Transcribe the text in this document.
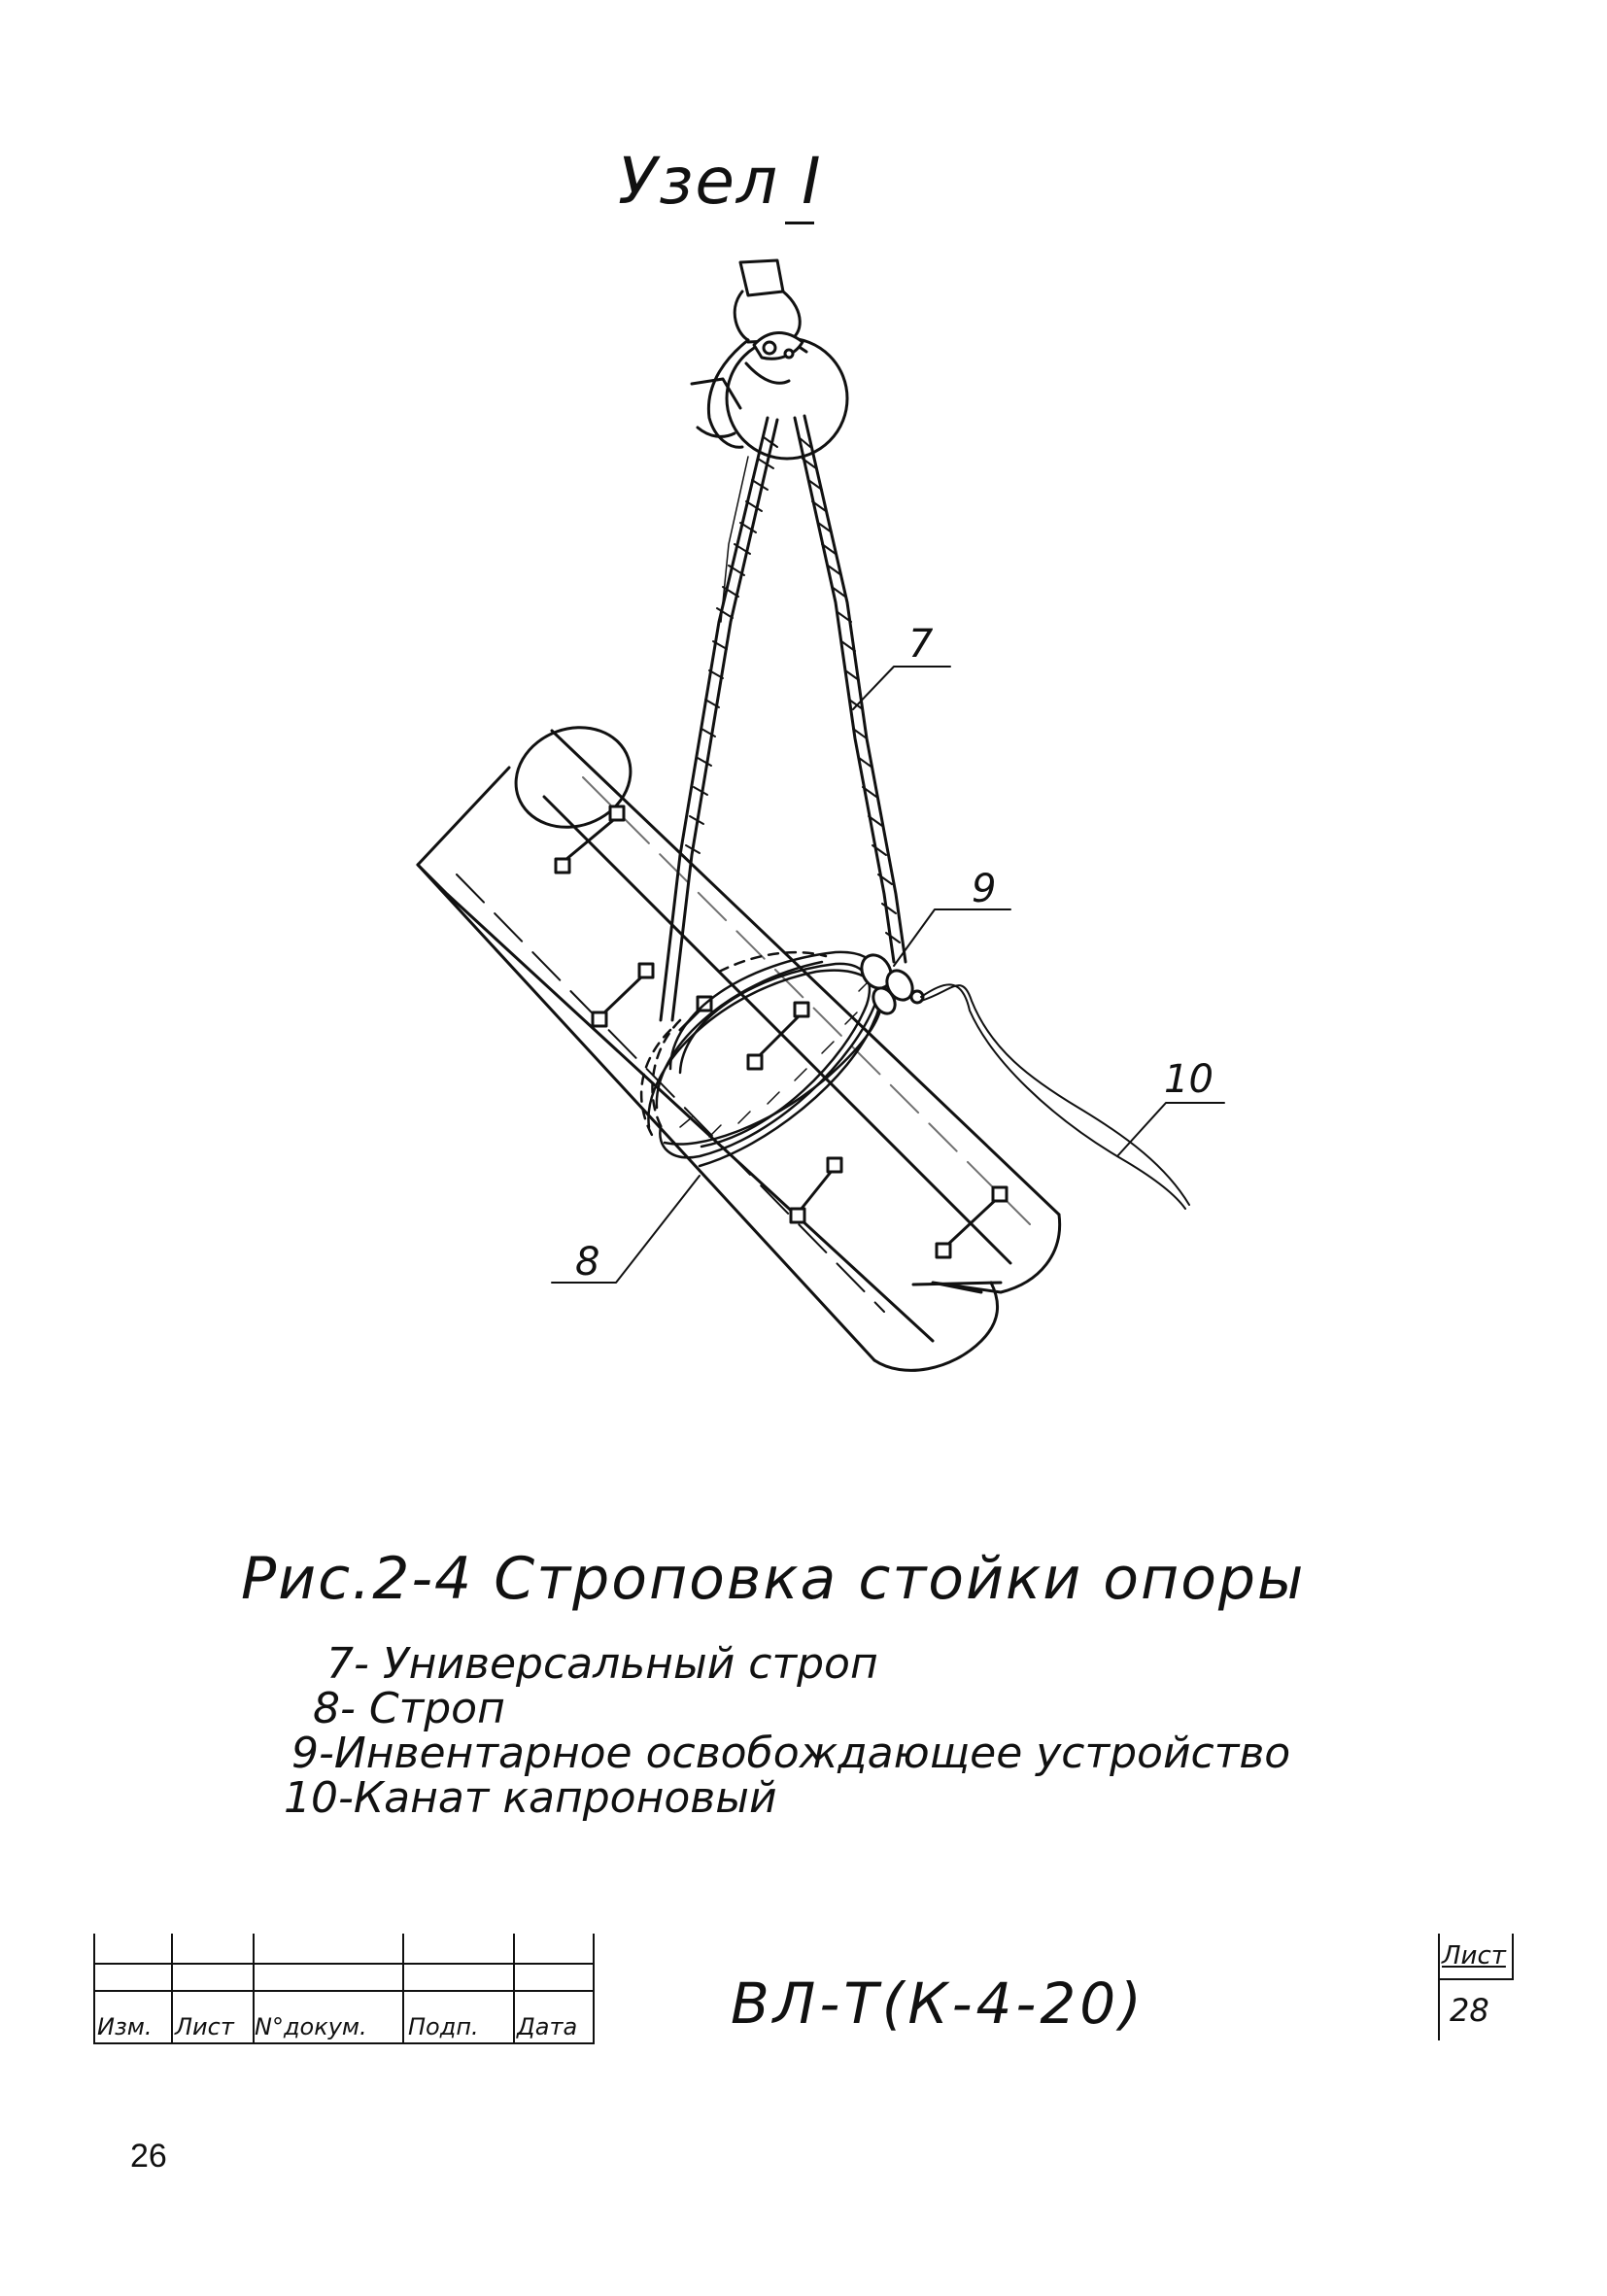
Узел I
7
9
10
8
Рис.2-4 Строповка стойки опоры
7- Универсальный строп
8- Строп
9-Инвентарное освобождающее устройство
10-Канат капроновый
Изм. Лист N°докум. Подп. Дата	ВЛ-Т(К-4-20)
Лист
28
26
